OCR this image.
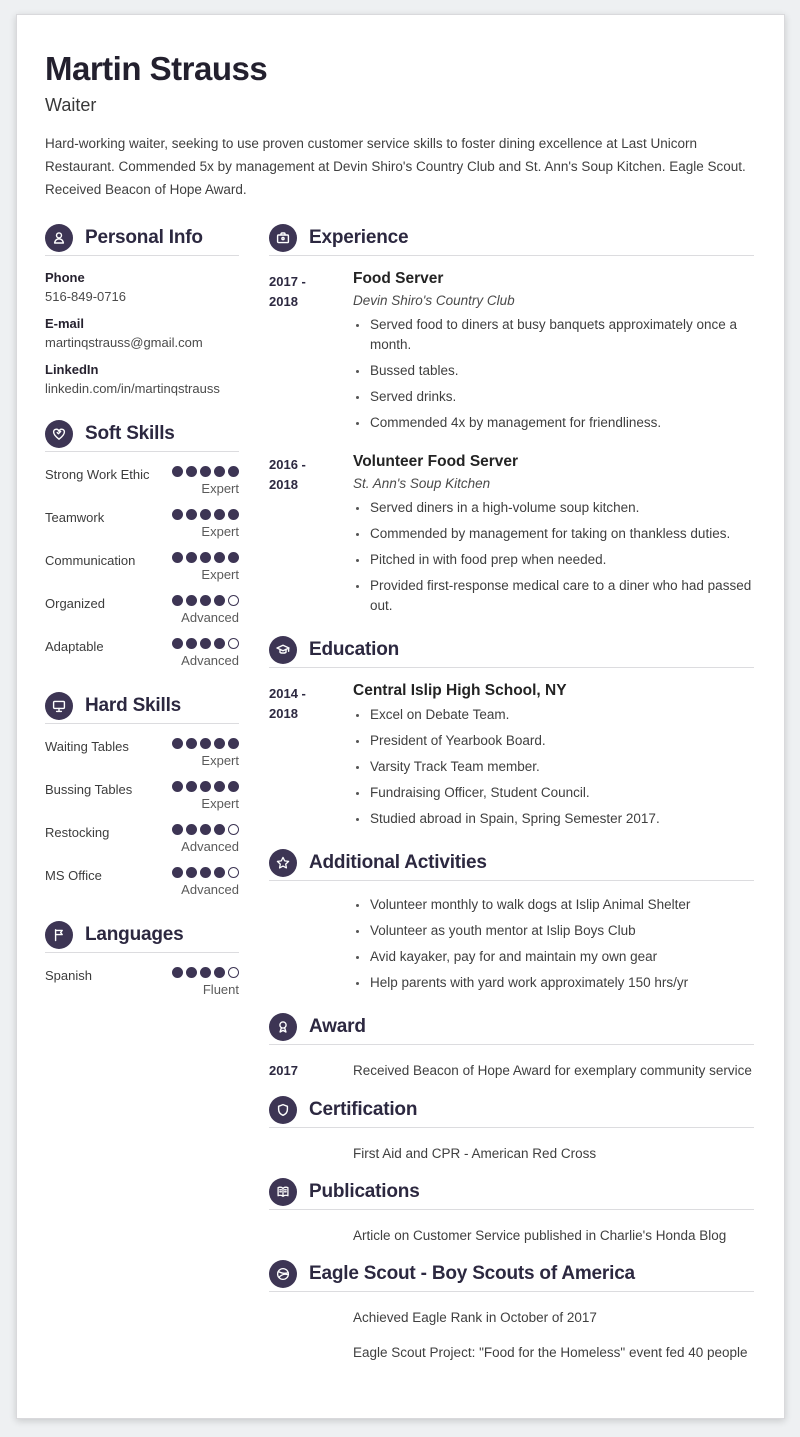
Martin Strauss
Waiter
Hard-working waiter, seeking to use proven customer service skills to foster dining excellence at Last Unicorn Restaurant. Commended 5x by management at Devin Shiro's Country Club and St. Ann's Soup Kitchen. Eagle Scout. Received Beacon of Hope Award.
Personal Info
Phone
516-849-0716
E-mail
martinqstrauss@gmail.com
LinkedIn
linkedin.com/in/martinqstrauss
Soft Skills
Strong Work Ethic
Expert
Teamwork
Expert
Communication
Expert
Organized
Advanced
Adaptable
Advanced
Hard Skills
Waiting Tables
Expert
Bussing Tables
Expert
Restocking
Advanced
MS Office
Advanced
Languages
Spanish
Fluent
Experience
2017 -
2018
Food Server
Devin Shiro's Country Club
• Served food to diners at busy banquets approximately once a month.
• Bussed tables.
• Served drinks.
• Commended 4x by management for friendliness.
2016 -
2018
Volunteer Food Server
St. Ann's Soup Kitchen
• Served diners in a high-volume soup kitchen.
• Commended by management for taking on thankless duties.
• Pitched in with food prep when needed.
• Provided first-response medical care to a diner who had passed out.
Education
2014 -
2018
Central Islip High School, NY
• Excel on Debate Team.
• President of Yearbook Board.
• Varsity Track Team member.
• Fundraising Officer, Student Council.
• Studied abroad in Spain, Spring Semester 2017.
Additional Activities
• Volunteer monthly to walk dogs at Islip Animal Shelter
• Volunteer as youth mentor at Islip Boys Club
• Avid kayaker, pay for and maintain my own gear
• Help parents with yard work approximately 150 hrs/yr
Award
2017	Received Beacon of Hope Award for exemplary community service
Certification
First Aid and CPR - American Red Cross
Publications
Article on Customer Service published in Charlie's Honda Blog
Eagle Scout - Boy Scouts of America
Achieved Eagle Rank in October of 2017
Eagle Scout Project: "Food for the Homeless" event fed 40 people
